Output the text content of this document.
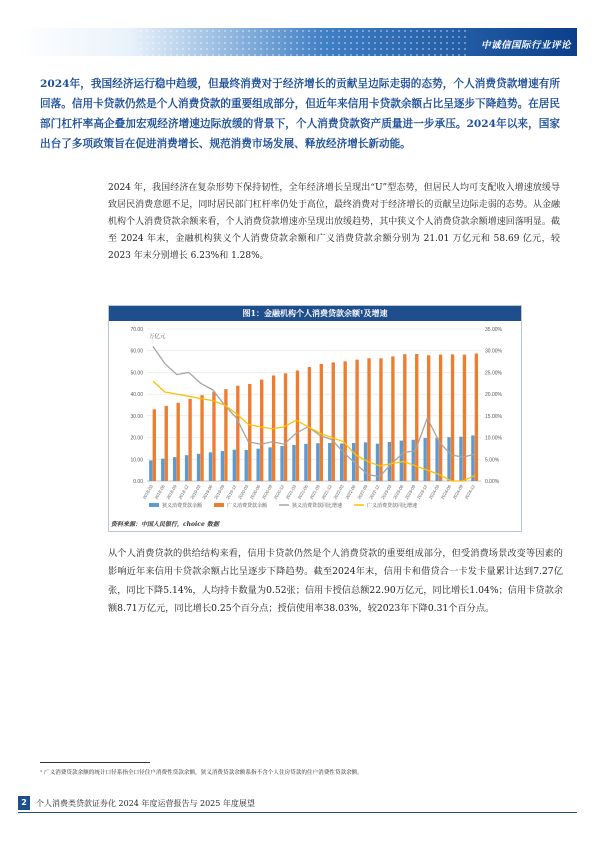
中诚信国际行业评论
2024年，我国经济运行稳中趋缓，但最终消费对于经济增长的贡献呈边际走弱的态势，个人消费贷款增速有所回落。信用卡贷款仍然是个人消费贷款的重要组成部分，但近年来信用卡贷款余额占比呈逐步下降趋势。在居民部门杠杆率高企叠加宏观经济增速边际放缓的背景下，个人消费贷款资产质量进一步承压。2024年以来，国家出台了多项政策旨在促进消费增长、规范消费市场发展、释放经济增长新动能。
2024 年，我国经济在复杂形势下保持韧性，全年经济增长呈现出“U”型态势，但居民人均可支配收入增速放缓导致居民消费意愿不足，同时居民部门杠杆率仍处于高位，最终消费对于经济增长的贡献呈边际走弱的态势。从金融机构个人消费贷款余额来看，个人消费贷款增速亦呈现出放缓趋势，其中狭义个人消费贷款余额增速回落明显。截至 2024 年末，金融机构狭义个人消费贷款余额和广义消费贷款余额分别为 21.01 万亿元和 58.69 亿元，较 2023 年末分别增长 6.23%和 1.28%。
图1：金融机构个人消费贷款余额¹及增速
70.00
60.00
50.00
40.00
30.00
20.00
10.00
0.00
35.00%
30.00%
25.00%
20.00%
15.00%
10.00%
5.00%
0.00%
万亿元
2018-03 2018-06 2018-09 2018-12 2019-03 2019-06 2019-09 2019-12 2020-03 2020-06 2020-09 2020-12 2021-03 2021-06 2021-09 2021-12 2022-03 2022-06 2022-09 2022-12 2023-03 2023-06 2023-09 2023-12 2024-03 2024-06 2024-09 2024-12
狭义消费贷款余额	广义消费贷款余额	狭义消费贷款同比增速	广义消费贷款同比增速
资料来源：中国人民银行，choice 数据
从个人消费贷款的供给结构来看，信用卡贷款仍然是个人消费贷款的重要组成部分，但受消费场景改变等因素的影响近年来信用卡贷款余额占比呈逐步下降趋势。截至2024年末，信用卡和借贷合一卡发卡量累计达到7.27亿张，同比下降5.14%，人均持卡数量为0.52张；信用卡授信总额22.90万亿元，同比增长1.04%；信用卡贷款余额8.71万亿元，同比增长0.25个百分点；授信使用率38.03%，较2023年下降0.31个百分点。
¹ 广义消费贷款余额的统计口径系指全口径住户消费性贷款余额，狭义消费贷款余额系指不含个人住房贷款的住户消费性贷款余额。
2	个人消费类贷款证券化 2024 年度运营报告与 2025 年度展望
